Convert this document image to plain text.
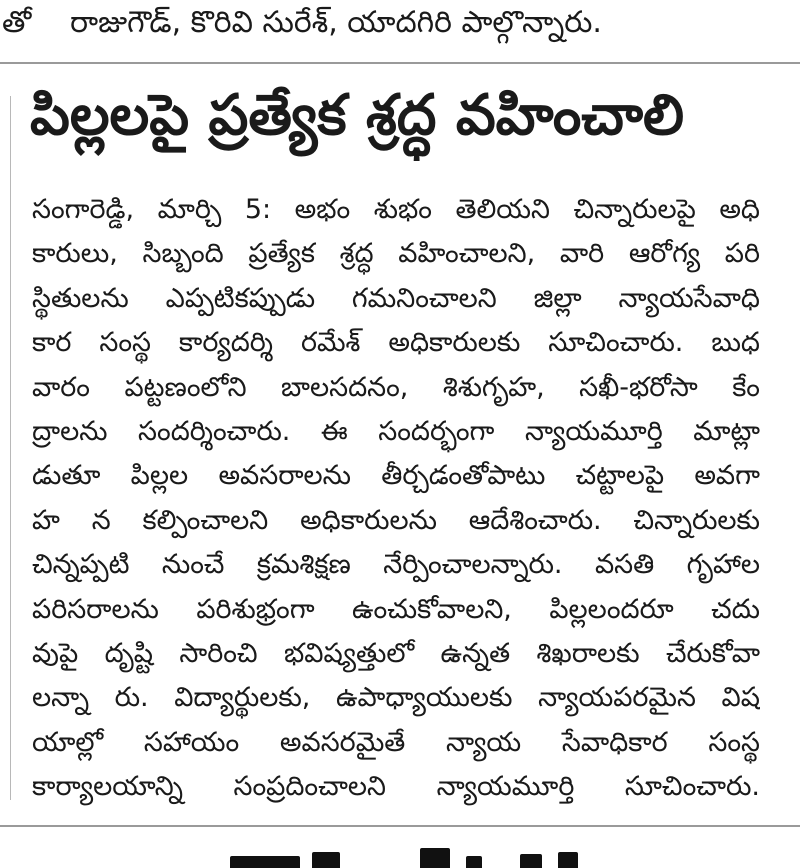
తో రాజుగౌడ్, కొరివి సురేశ్, యాదగిరి పాల్గొన్నారు.
పిల్లలపై ప్రత్యేక శ్రద్ధ వహించాలి
సంగారెడ్డి, మార్చి 5: అభం శుభం తెలియని చిన్నారులపై అధి
కారులు, సిబ్బంది ప్రత్యేక శ్రద్ధ వహించాలని, వారి ఆరోగ్య పరి
స్థితులను ఎప్పటికప్పుడు గమనించాలని జిల్లా న్యాయసేవాధి
కార సంస్థ కార్యదర్శి రమేశ్ అధికారులకు సూచించారు. బుధ
వారం పట్టణంలోని బాలసదనం, శిశుగృహ, సఖీ-భరోసా కేం
ద్రాలను సందర్శించారు. ఈ సందర్భంగా న్యాయమూర్తి మాట్లా
డుతూ పిల్లల అవసరాలను తీర్చడంతోపాటు చట్టాలపై అవగా
హ న కల్పించాలని అధికారులను ఆదేశించారు. చిన్నారులకు
చిన్నప్పటి నుంచే క్రమశిక్షణ నేర్పించాలన్నారు. వసతి గృహాల
పరిసరాలను పరిశుభ్రంగా ఉంచుకోవాలని, పిల్లలందరూ చదు
వుపై దృష్టి సారించి భవిష్యత్తులో ఉన్నత శిఖరాలకు చేరుకోవా
లన్నా రు. విద్యార్థులకు, ఉపాధ్యాయులకు న్యాయపరమైన విష
యాల్లో సహాయం అవసరమైతే న్యాయ సేవాధికార సంస్థ
కార్యాలయాన్ని సంప్రదించాలని న్యాయమూర్తి సూచించారు.
